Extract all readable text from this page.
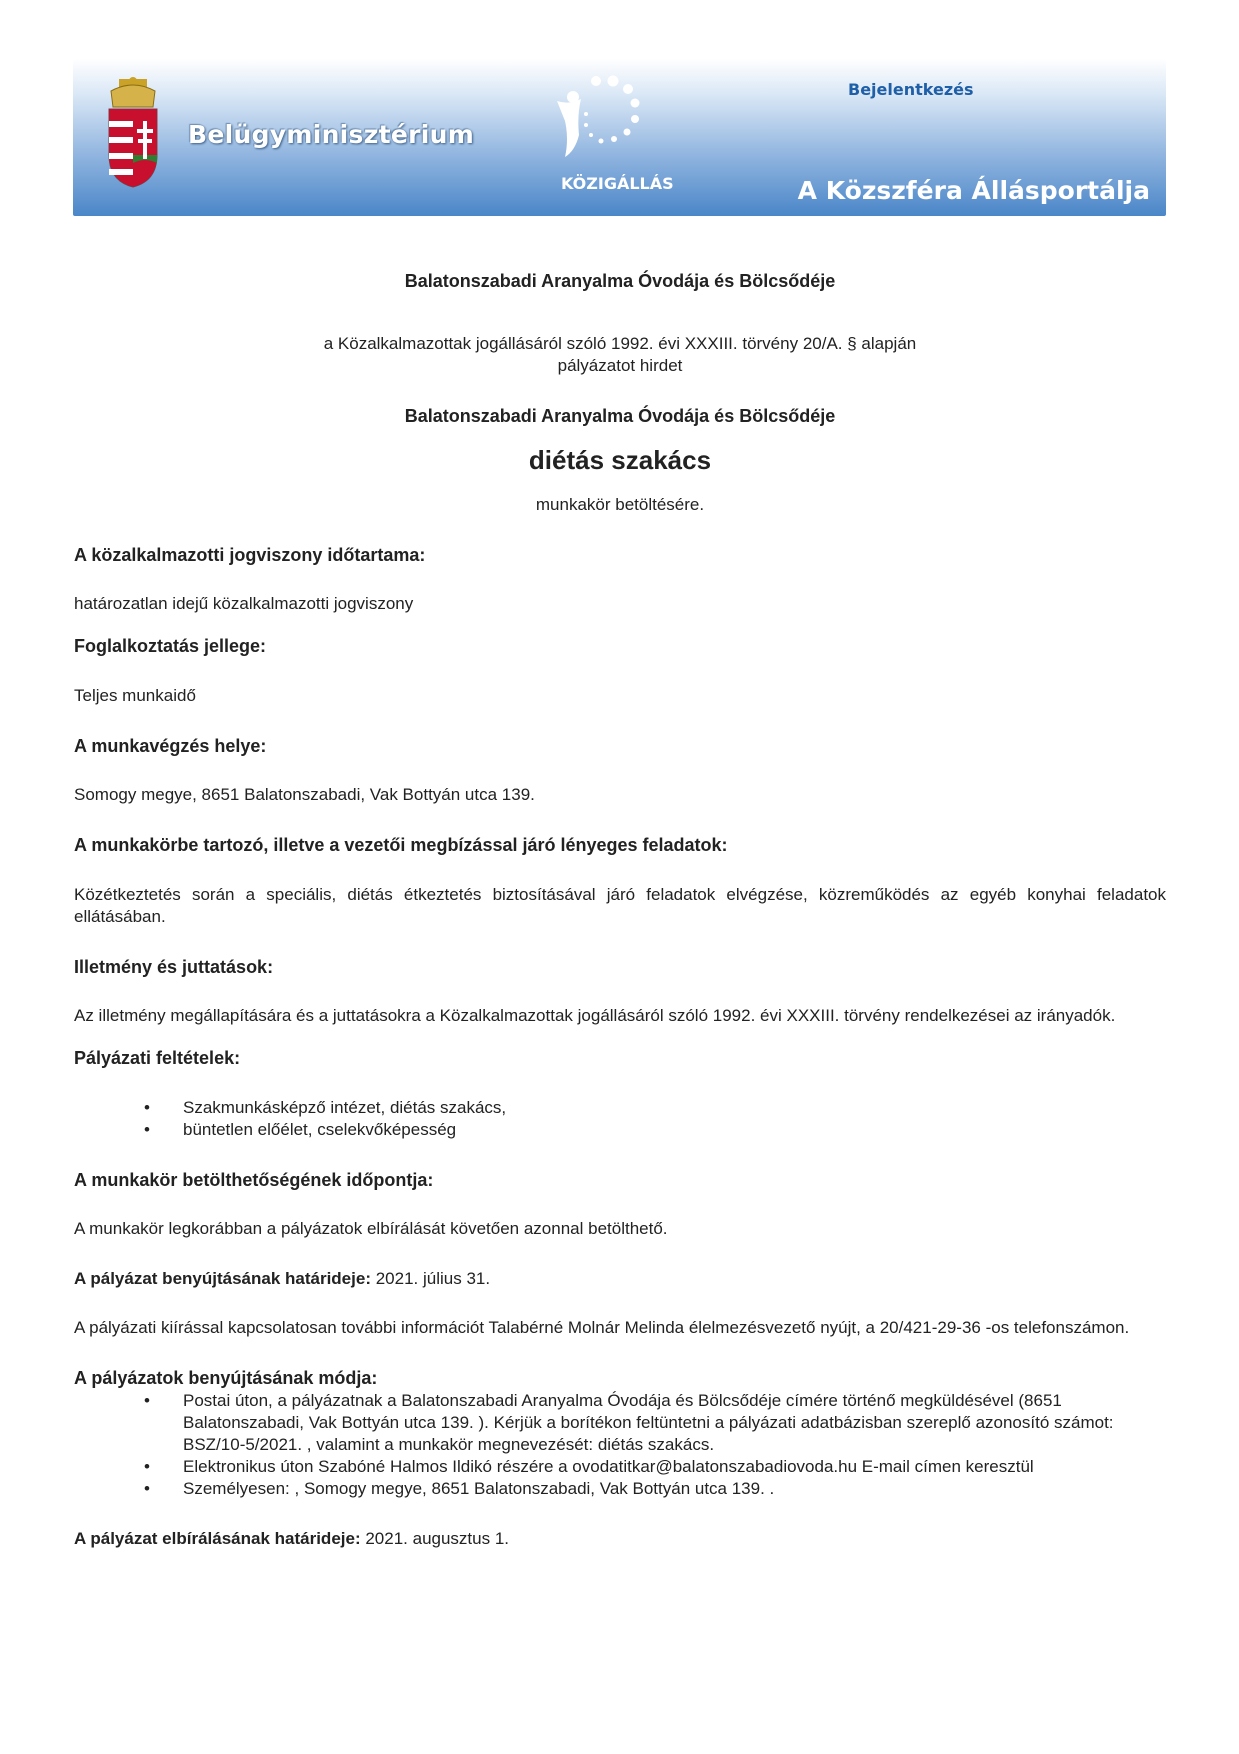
Belügyminisztérium
KÖZIGÁLLÁS
Bejelentkezés
A Közszféra Állásportálja

Balatonszabadi Aranyalma Óvodája és Bölcsődéje

a Közalkalmazottak jogállásáról szóló 1992. évi XXXIII. törvény 20/A. § alapján

pályázatot hirdet

Balatonszabadi Aranyalma Óvodája és Bölcsődéje

diétás szakács

munkakör betöltésére.

A közalkalmazotti jogviszony időtartama:

határozatlan idejű közalkalmazotti jogviszony

Foglalkoztatás jellege:

Teljes munkaidő

A munkavégzés helye:

Somogy megye, 8651 Balatonszabadi, Vak Bottyán utca 139.

A munkakörbe tartozó, illetve a vezetői megbízással járó lényeges feladatok:

Közétkeztetés során a speciális, diétás étkeztetés biztosításával járó feladatok elvégzése, közreműködés az egyéb konyhai feladatok ellátásában.

Illetmény és juttatások:

Az illetmény megállapítására és a juttatásokra a Közalkalmazottak jogállásáról szóló 1992. évi XXXIII. törvény rendelkezései az irányadók.

Pályázati feltételek:
• Szakmunkásképző intézet, diétás szakács,
• büntetlen előélet, cselekvőképesség
A munkakör betölthetőségének időpontja:

A munkakör legkorábban a pályázatok elbírálását követően azonnal betölthető.

A pályázat benyújtásának határideje: 2021. július 31.

A pályázati kiírással kapcsolatosan további információt Talabérné Molnár Melinda élelmezésvezető nyújt, a 20/421-29-36 -os telefonszámon.

A pályázatok benyújtásának módja:
• Postai úton, a pályázatnak a Balatonszabadi Aranyalma Óvodája és Bölcsődéje címére történő megküldésével (8651 Balatonszabadi, Vak Bottyán utca 139. ). Kérjük a borítékon feltüntetni a pályázati adatbázisban szereplő azonosító számot: BSZ/10-5/2021. , valamint a munkakör megnevezését: diétás szakács.
• Elektronikus úton Szabóné Halmos Ildikó részére a ovodatitkar@balatonszabadiovoda.hu E-mail címen keresztül
• Személyesen: , Somogy megye, 8651 Balatonszabadi, Vak Bottyán utca 139. .

A pályázat elbírálásának határideje: 2021. augusztus 1.
